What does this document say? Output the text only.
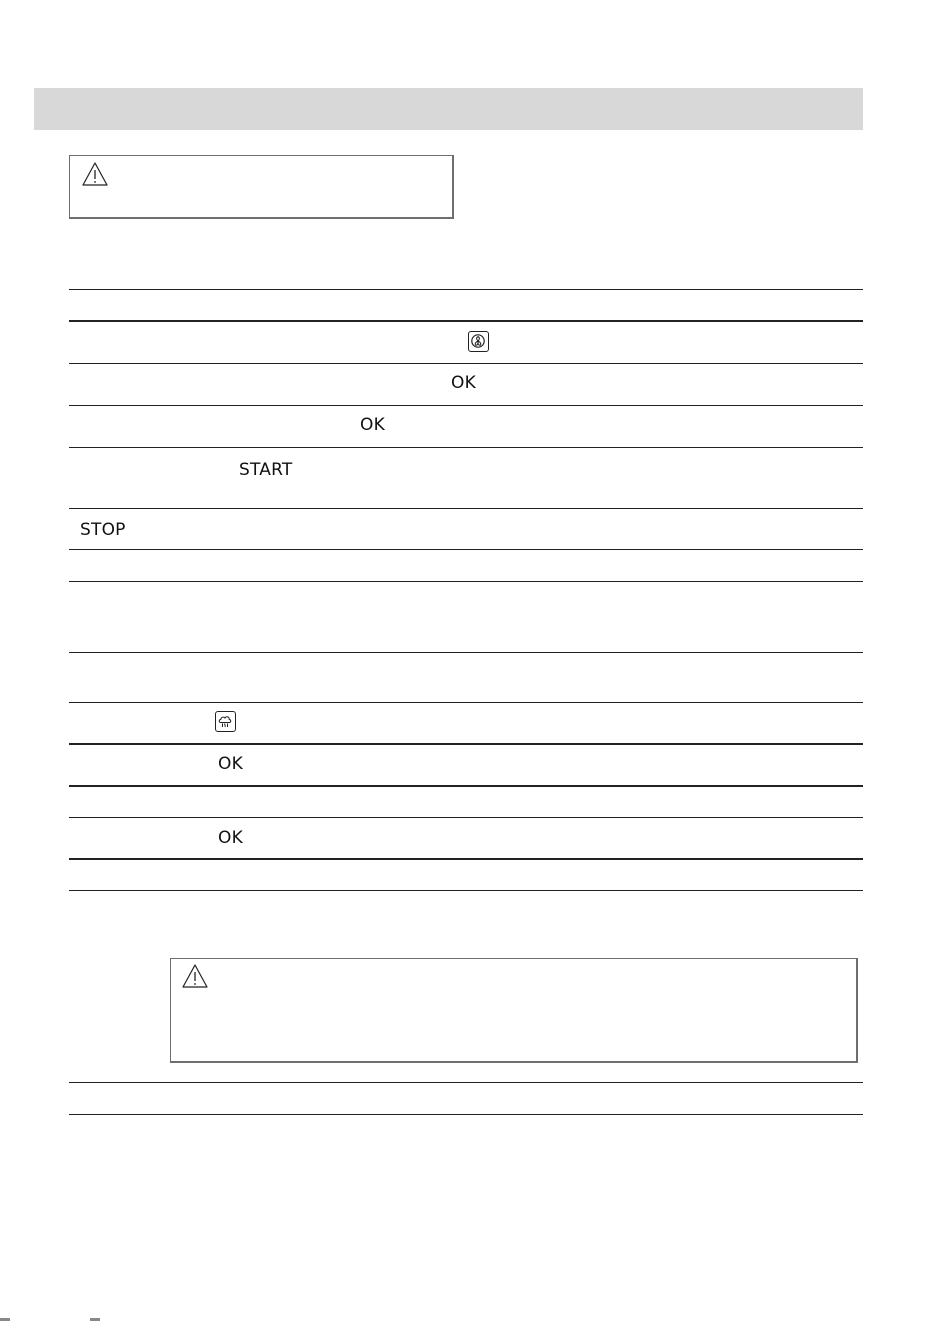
OK
OK
START
STOP
OK
OK
